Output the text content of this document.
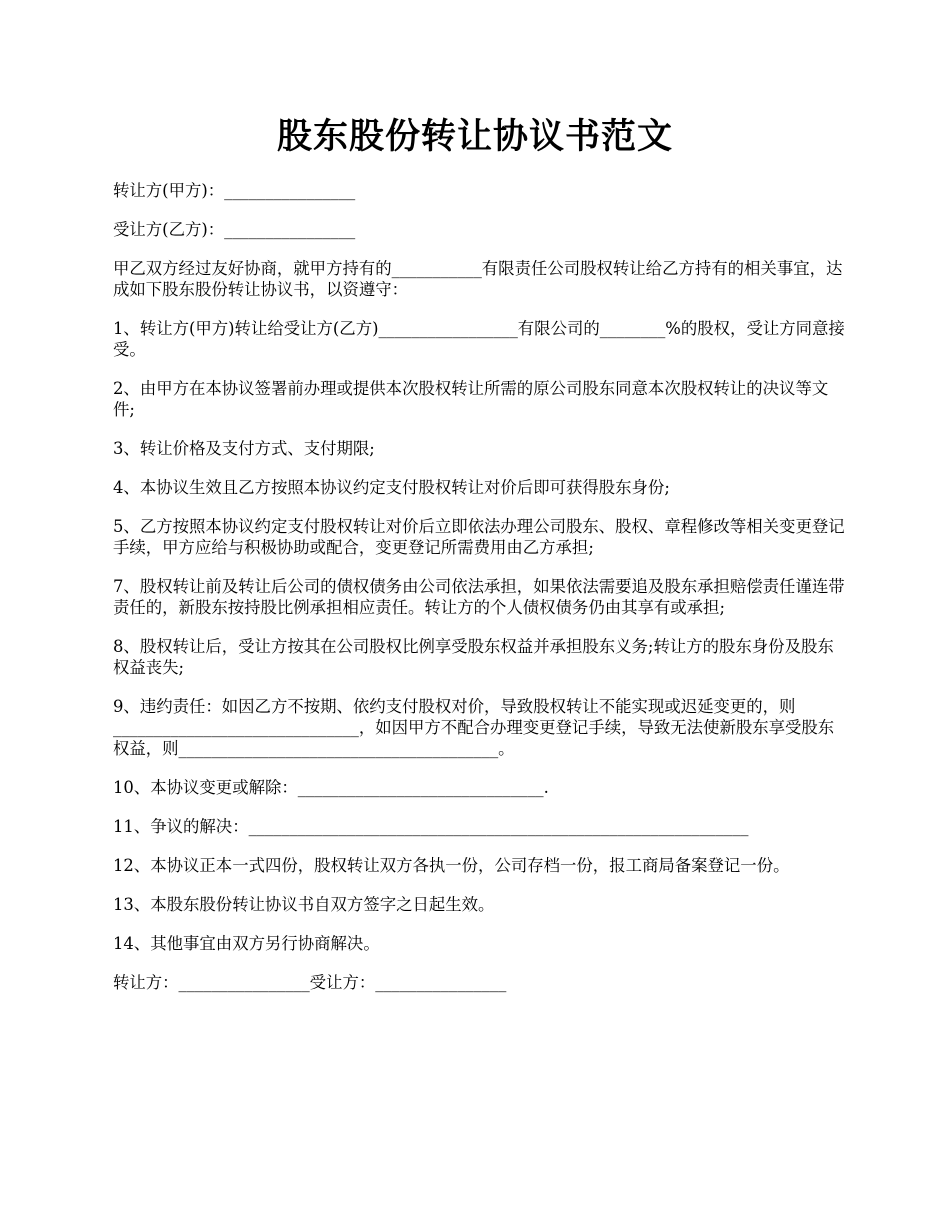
股东股份转让协议书范文

转让方(甲方)：________________

受让方(乙方)：________________

甲乙双方经过友好协商，就甲方持有的___________有限责任公司股权转让给乙方持有的相关事宜，达成如下股东股份转让协议书，以资遵守：

1、转让方(甲方)转让给受让方(乙方)_________________有限公司的________%的股权，受让方同意接受。

2、由甲方在本协议签署前办理或提供本次股权转让所需的原公司股东同意本次股权转让的决议等文件;

3、转让价格及支付方式、支付期限;

4、本协议生效且乙方按照本协议约定支付股权转让对价后即可获得股东身份;

5、乙方按照本协议约定支付股权转让对价后立即依法办理公司股东、股权、章程修改等相关变更登记手续，甲方应给与积极协助或配合，变更登记所需费用由乙方承担;

7、股权转让前及转让后公司的债权债务由公司依法承担，如果依法需要追及股东承担赔偿责任谨连带责任的，新股东按持股比例承担相应责任。转让方的个人债权债务仍由其享有或承担;

8、股权转让后，受让方按其在公司股权比例享受股东权益并承担股东义务;转让方的股东身份及股东权益丧失;

9、违约责任：如因乙方不按期、依约支付股权对价，导致股权转让不能实现或迟延变更的，则______________________________，如因甲方不配合办理变更登记手续，导致无法使新股东享受股东权益，则_______________________________________。

10、本协议变更或解除：______________________________.

11、争议的解决：_____________________________________________________________

12、本协议正本一式四份，股权转让双方各执一份，公司存档一份，报工商局备案登记一份。

13、本股东股份转让协议书自双方签字之日起生效。

14、其他事宜由双方另行协商解决。

转让方：________________受让方：________________
